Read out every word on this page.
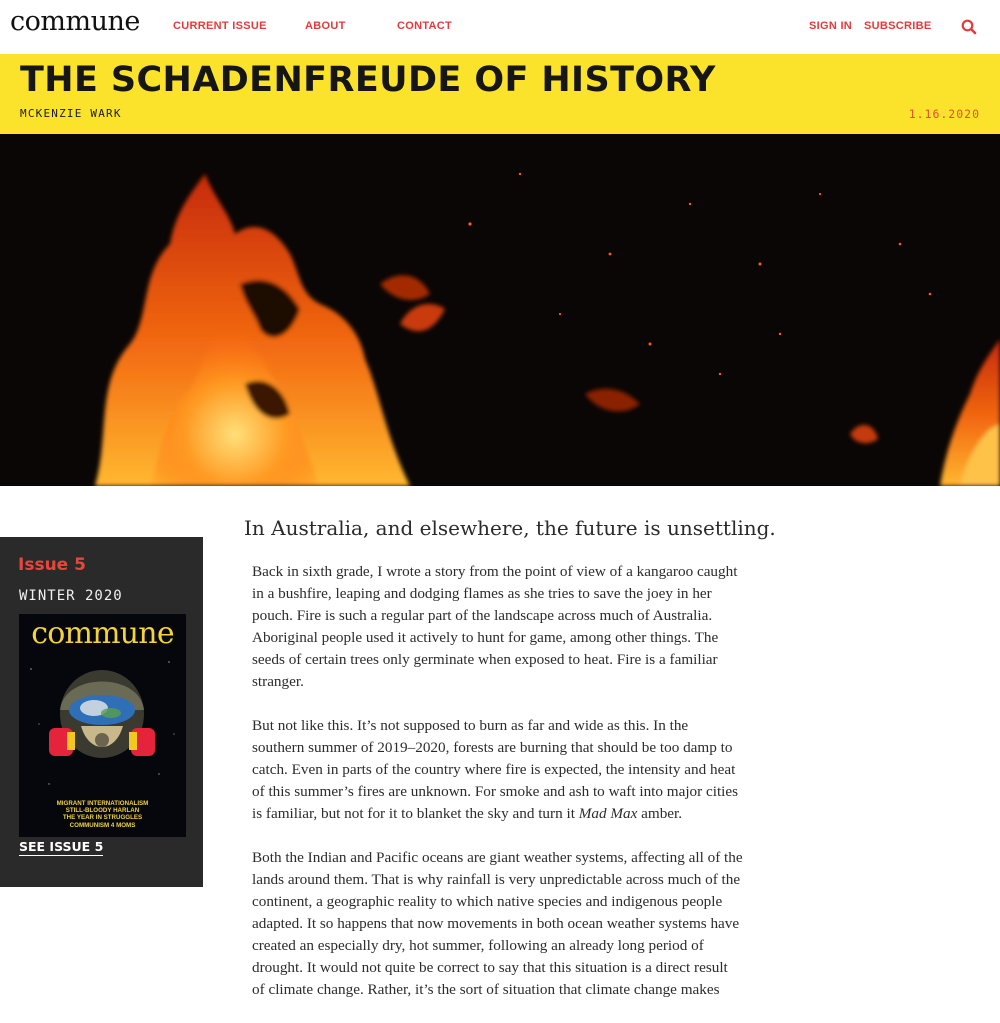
commune	CURRENT ISSUE	ABOUT	CONTACT	SIGN IN SUBSCRIBE
THE SCHADENFREUDE OF HISTORY
MCKENZIE WARK	1.16.2020
Issue 5
WINTER 2020
commune
MIGRANT INTERNATIONALISM
STILL-BLOODY HARLAN
THE YEAR IN STRUGGLES
COMMUNISM 4 MOMS
SEE ISSUE 5
In Australia, and elsewhere, the future is unsettling.

Back in sixth grade, I wrote a story from the point of view of a kangaroo caught
in a bushfire, leaping and dodging flames as she tries to save the joey in her
pouch. Fire is such a regular part of the landscape across much of Australia.
Aboriginal people used it actively to hunt for game, among other things. The
seeds of certain trees only germinate when exposed to heat. Fire is a familiar
stranger.

But not like this. It’s not supposed to burn as far and wide as this. In the
southern summer of 2019–2020, forests are burning that should be too damp to
catch. Even in parts of the country where fire is expected, the intensity and heat
of this summer’s fires are unknown. For smoke and ash to waft into major cities
is familiar, but not for it to blanket the sky and turn it Mad Max amber.

Both the Indian and Pacific oceans are giant weather systems, affecting all of the
lands around them. That is why rainfall is very unpredictable across much of the
continent, a geographic reality to which native species and indigenous people
adapted. It so happens that now movements in both ocean weather systems have
created an especially dry, hot summer, following an already long period of
drought. It would not quite be correct to say that this situation is a direct result
of climate change. Rather, it’s the sort of situation that climate change makes
